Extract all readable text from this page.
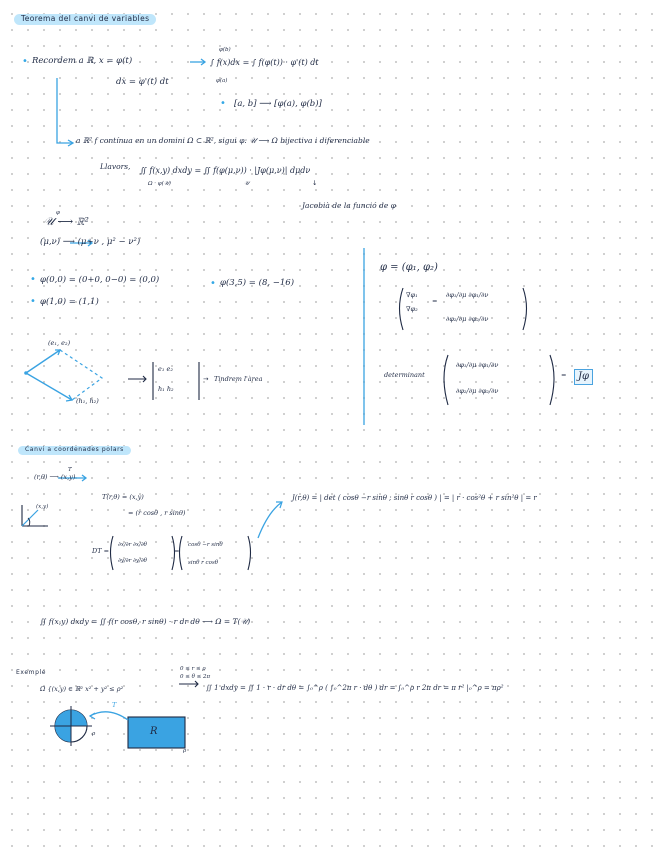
Teorema del canvi de variables
• Recordem a ℝ, x = φ(t)
dx = φ'(t) dt
∫ f(x)dx = ∫ f(φ(t)) · φ'(t) dt
φ(b)
φ(a)
• [a, b] ⟶ [φ(a), φ(b)]
a ℝ² f contínua en un domini Ω ⊂ ℝ², sigui φ: 𝒰 ⟶ Ω bijectiva i diferenciable
Llavors, ∬ f(x,y) dxdy = ∬ f(φ(μ,ν)) · |Jφ(μ,ν)| dμdν
Ω · φ(𝒰)	𝒰	↓
Jacobià de la funció de φ
φ
𝒰 ⟶ ℝ²
(μ,ν) ⟶ (μ+ν , μ² − ν²)
• φ(0,0) = (0+0, 0−0) = (0,0)	• φ(3,5) = (8, −16)
• φ(1,0) = (1,1)
(e₁, e₂)
(h₁, h₂)
e₁ e₂
h₁ h₂
→ Tindrem l'àrea
φ = (φ₁, φ₂)
∇φ₁
∇φ₂
=
∂φ₁/∂μ ∂φ₁/∂ν
∂φ₂/∂μ ∂φ₂/∂ν
determinant
∂φ₁/∂μ ∂φ₁/∂ν
∂φ₂/∂μ ∂φ₂/∂ν
=	Jφ
Canvi a coordenades polars
T
(r,θ) ⟶ (x,y)
T(r,θ) = (x,y)
= (r cosθ , r sinθ)
(x,y)
DT =
∂x/∂r ∂x/∂θ
∂y/∂r ∂y/∂θ
=
cosθ −r sinθ
sinθ r cosθ
J(r,θ) = | det ( cosθ −r sinθ ; sinθ r cosθ ) | = | r · cos²θ + r sin²θ | = r
∬ f(x,y) dxdy = ∬ f(r cosθ, r sinθ) · r dr dθ ⟶ Ω = T(𝒰)
Exemple
Ω {(x,y) ∈ ℝ² x² + y² ≤ ρ²
0 ≤ r ≤ ρ
0 ≤ θ ≤ 2π
∬ 1 dxdy = ∬ 1 · r · dr dθ = ∫₀^ρ ( ∫₀^2π r · dθ ) dr = ∫₀^ρ r 2π dr = π r² |₀^ρ = πρ²
T
R
ρ
ρ
